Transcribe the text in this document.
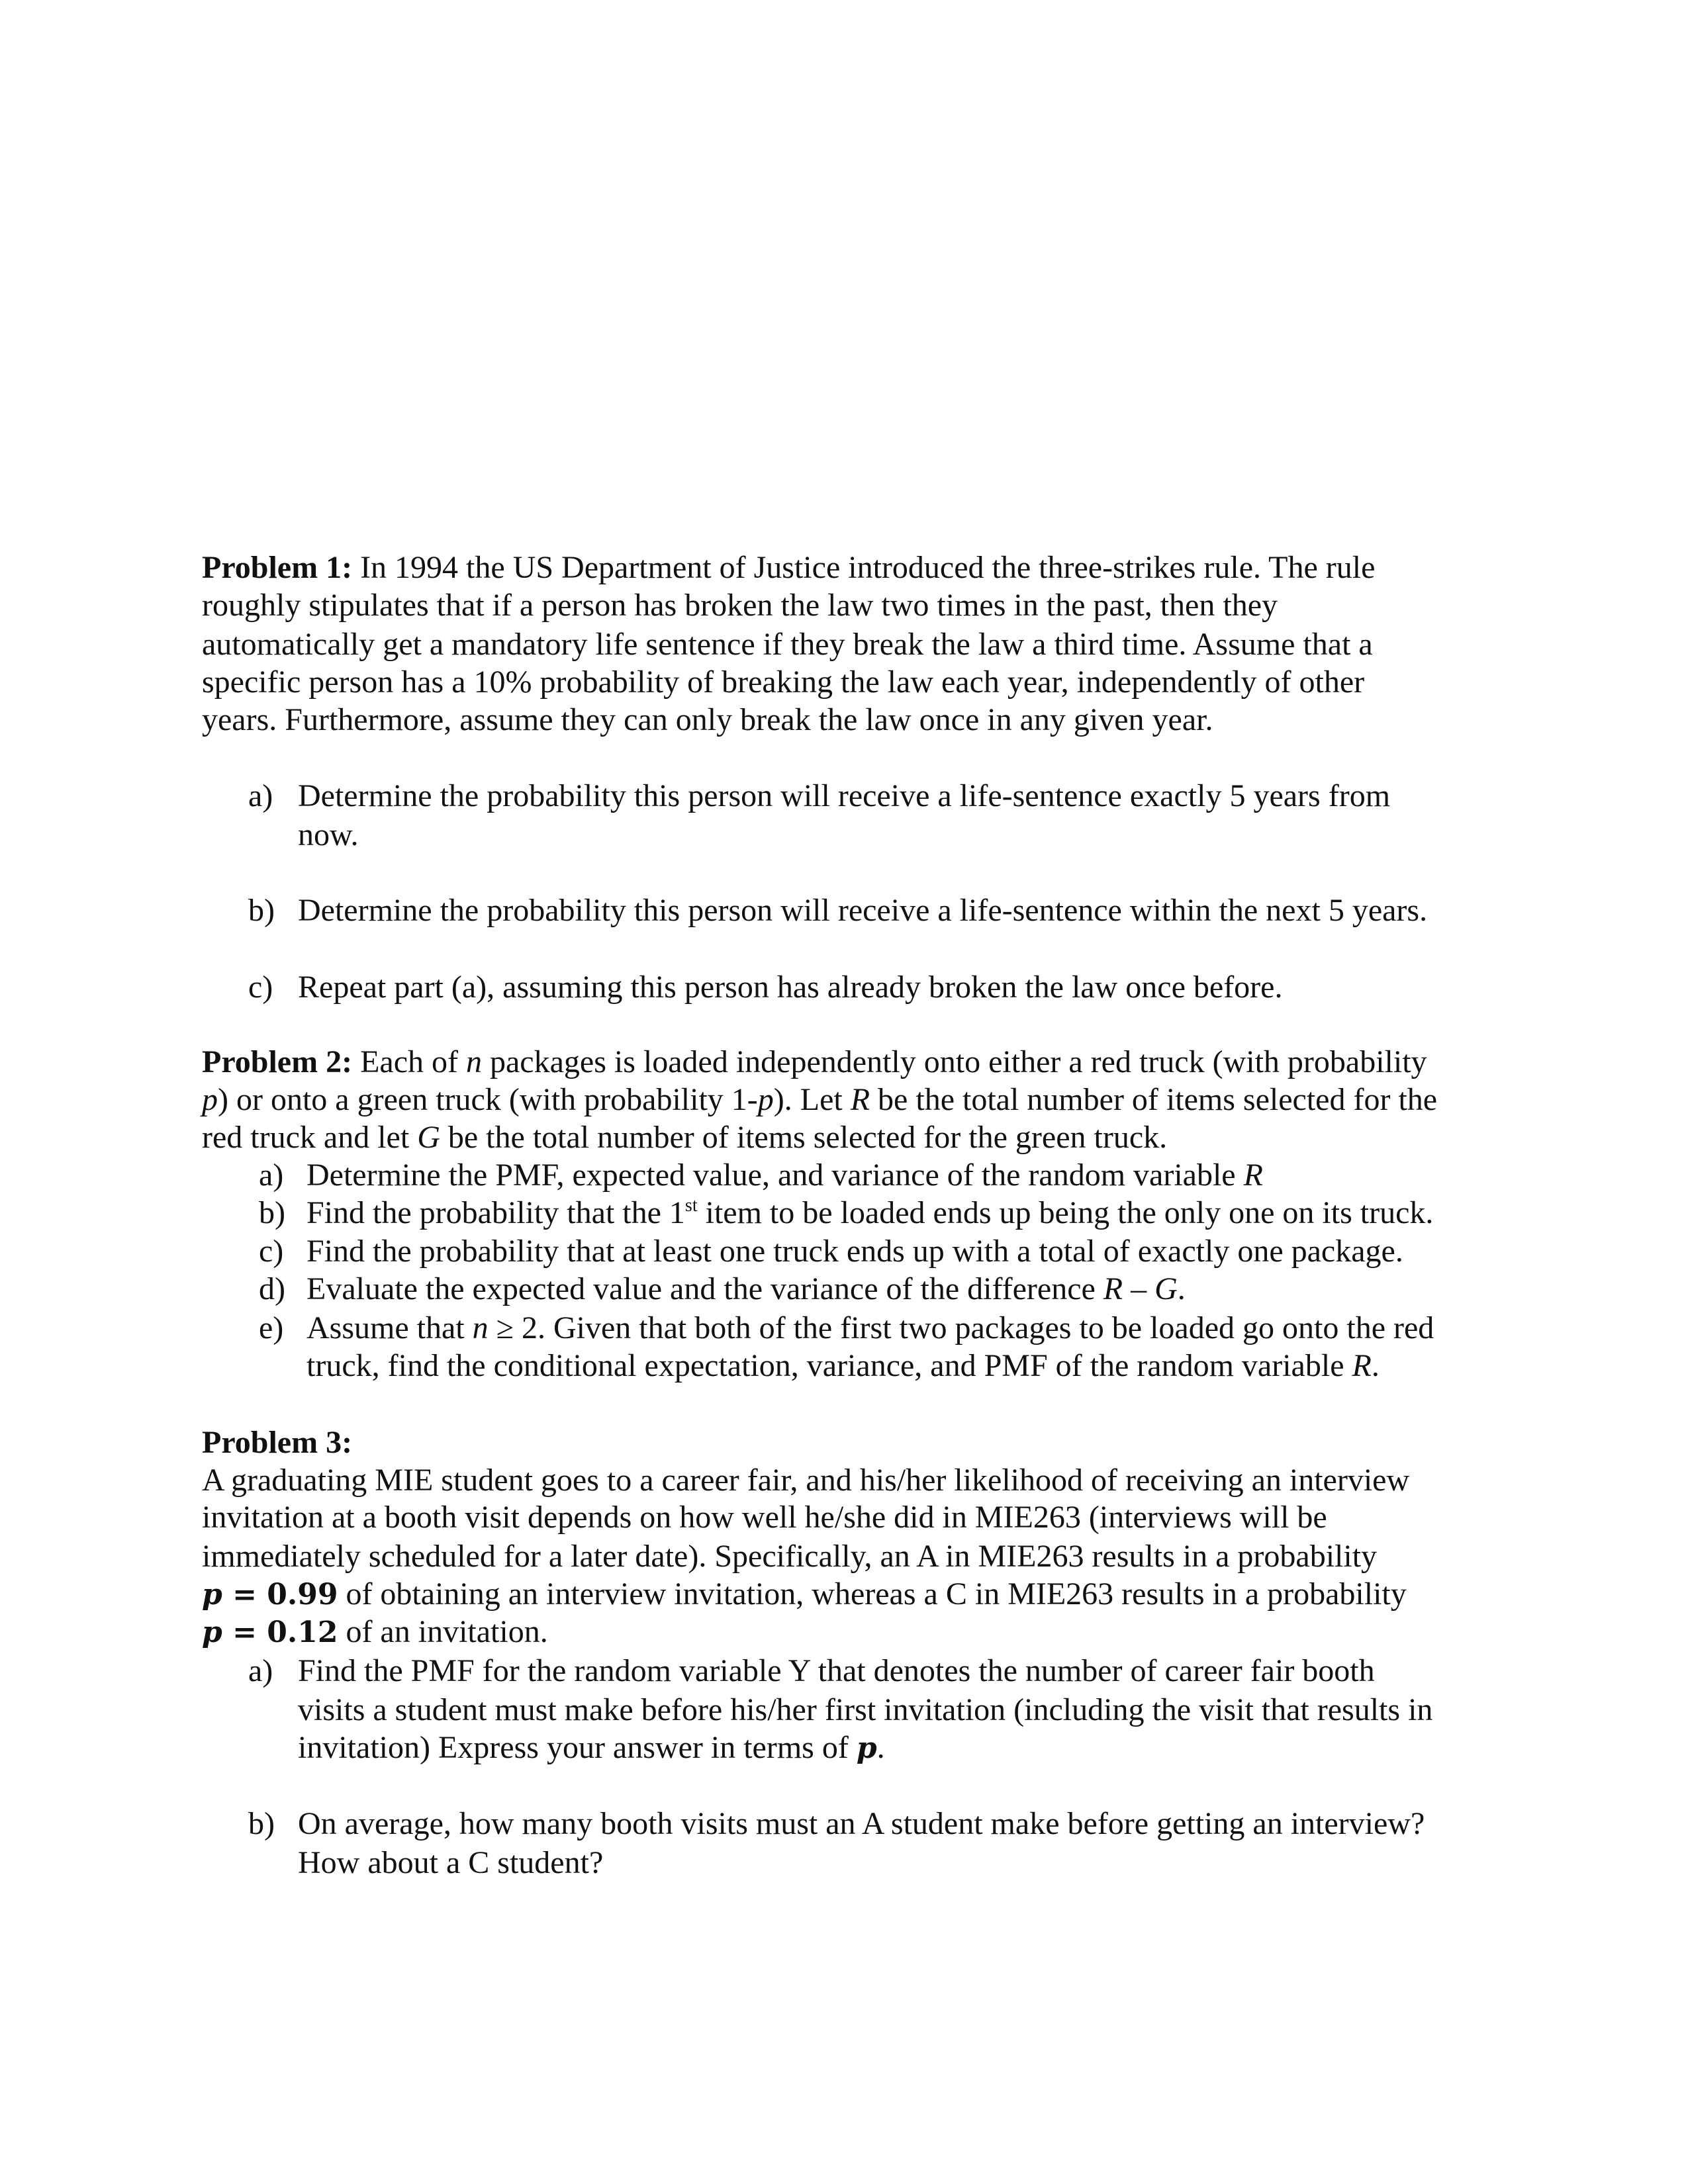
Problem 1: In 1994 the US Department of Justice introduced the three-strikes rule. The rule
roughly stipulates that if a person has broken the law two times in the past, then they
automatically get a mandatory life sentence if they break the law a third time. Assume that a
specific person has a 10% probability of breaking the law each year, independently of other
years. Furthermore, assume they can only break the law once in any given year.
a) Determine the probability this person will receive a life-sentence exactly 5 years from
now.
b) Determine the probability this person will receive a life-sentence within the next 5 years.
c) Repeat part (a), assuming this person has already broken the law once before.
Problem 2: Each of n packages is loaded independently onto either a red truck (with probability
p) or onto a green truck (with probability 1-p). Let R be the total number of items selected for the
red truck and let G be the total number of items selected for the green truck.
a) Determine the PMF, expected value, and variance of the random variable R
b) Find the probability that the 1st item to be loaded ends up being the only one on its truck.
c) Find the probability that at least one truck ends up with a total of exactly one package.
d) Evaluate the expected value and the variance of the difference R – G.
e) Assume that n ≥ 2. Given that both of the first two packages to be loaded go onto the red
truck, find the conditional expectation, variance, and PMF of the random variable R.
Problem 3:
A graduating MIE student goes to a career fair, and his/her likelihood of receiving an interview
invitation at a booth visit depends on how well he/she did in MIE263 (interviews will be
immediately scheduled for a later date). Specifically, an A in MIE263 results in a probability
p = 0.99 of obtaining an interview invitation, whereas a C in MIE263 results in a probability
p = 0.12 of an invitation.
a) Find the PMF for the random variable Y that denotes the number of career fair booth
visits a student must make before his/her first invitation (including the visit that results in
invitation) Express your answer in terms of p.
b) On average, how many booth visits must an A student make before getting an interview?
How about a C student?
